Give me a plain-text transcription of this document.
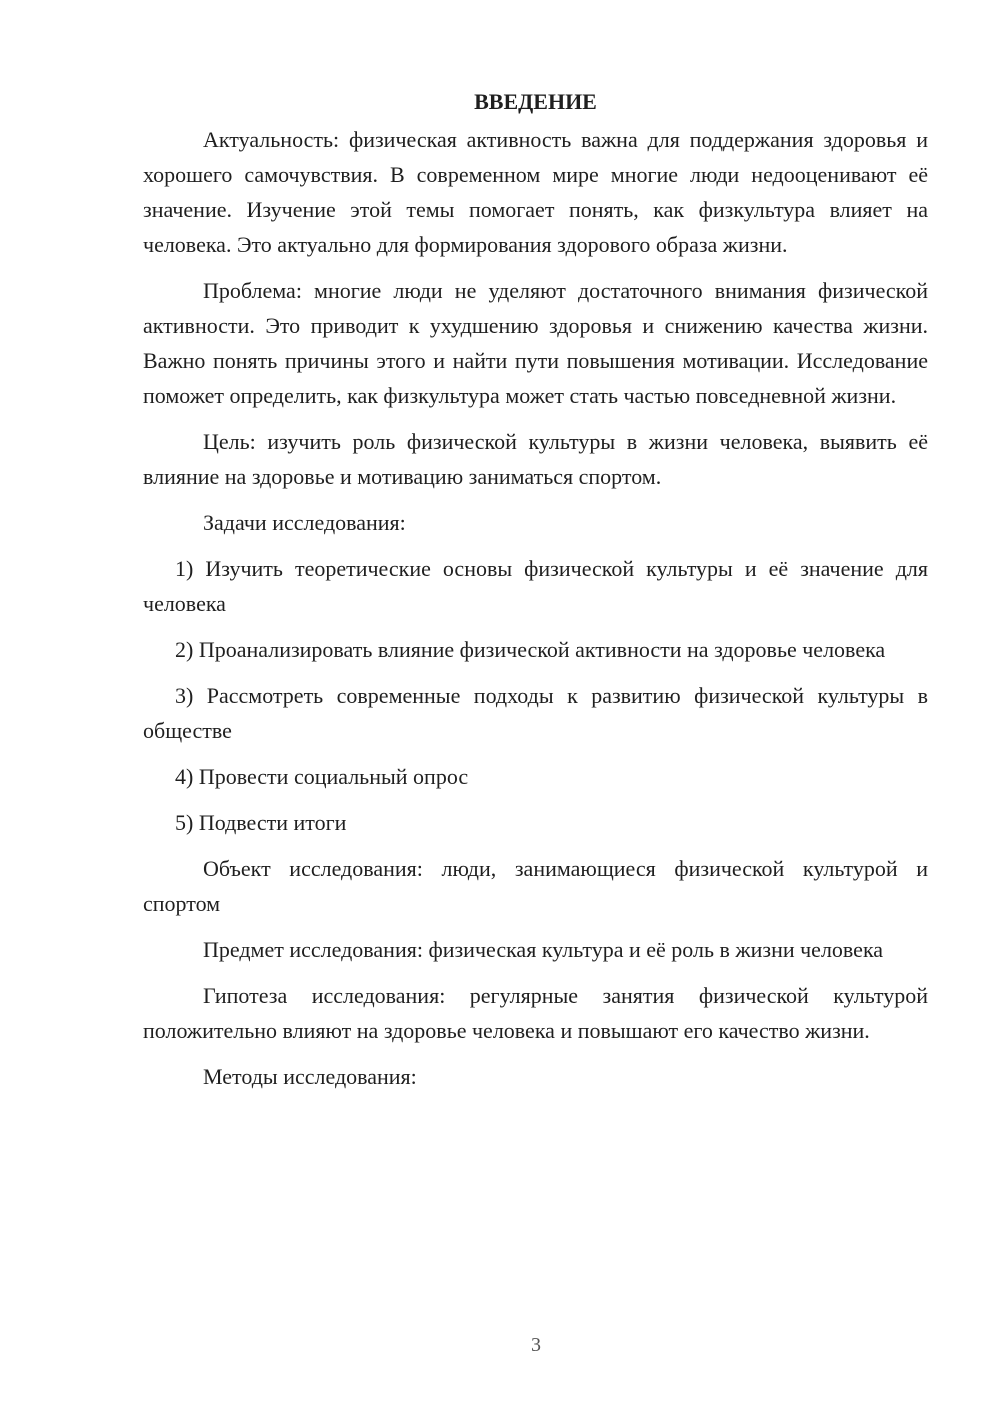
ВВЕДЕНИЕ

Актуальность: физическая активность важна для поддержания здоровья и хорошего самочувствия. В современном мире многие люди недооценивают её значение. Изучение этой темы помогает понять, как физкультура влияет на человека. Это актуально для формирования здорового образа жизни.

Проблема: многие люди не уделяют достаточного внимания физической активности. Это приводит к ухудшению здоровья и снижению качества жизни. Важно понять причины этого и найти пути повышения мотивации. Исследование поможет определить, как физкультура может стать частью повседневной жизни.

Цель: изучить роль физической культуры в жизни человека, выявить её влияние на здоровье и мотивацию заниматься спортом.

Задачи исследования:

1) Изучить теоретические основы физической культуры и её значение для человека

2) Проанализировать влияние физической активности на здоровье человека

3) Рассмотреть современные подходы к развитию физической культуры в обществе

4) Провести социальный опрос

5) Подвести итоги

Объект исследования: люди, занимающиеся физической культурой и спортом

Предмет исследования: физическая культура и её роль в жизни человека

Гипотеза исследования: регулярные занятия физической культурой положительно влияют на здоровье человека и повышают его качество жизни.

Методы исследования:

3
